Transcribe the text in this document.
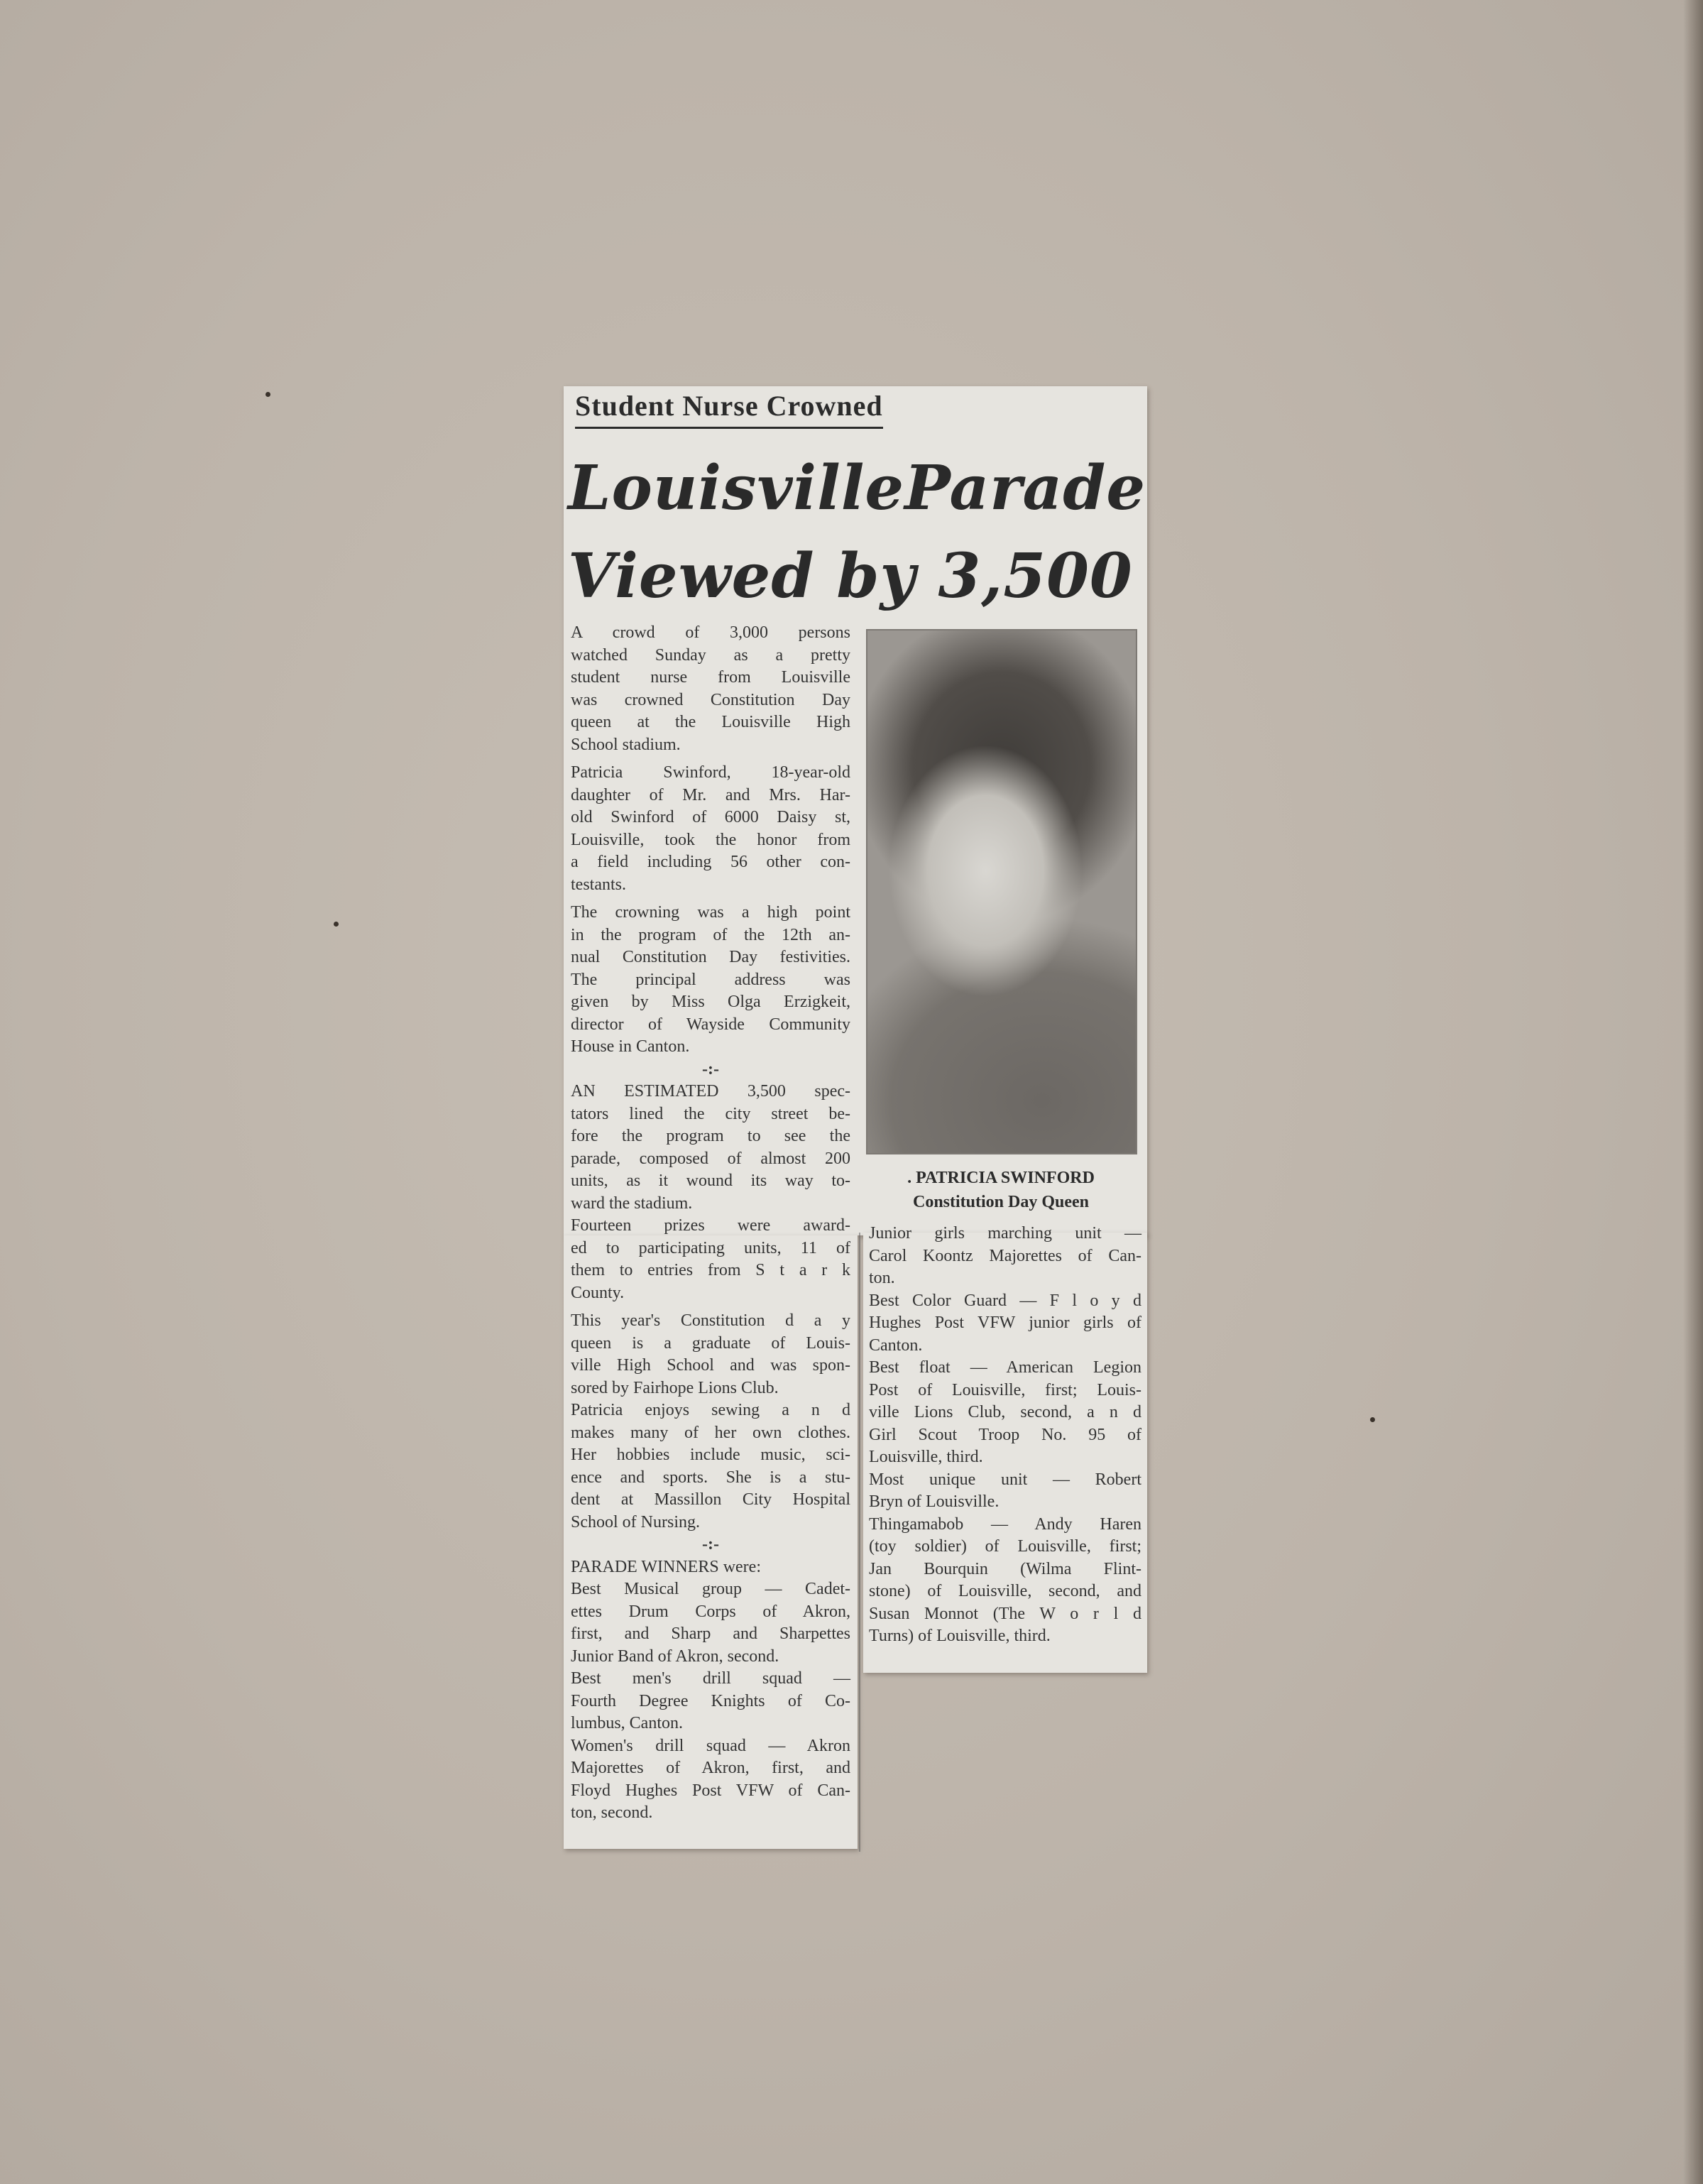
Student Nurse Crowned
LouisvilleParade
Viewed by 3,500
. PATRICIA SWINFORD
Constitution Day Queen
A crowd of 3,000 persons
watched Sunday as a pretty
student nurse from Louisville
was crowned Constitution Day
queen at the Louisville High
School stadium.
Patricia Swinford, 18-year-old
daughter of Mr. and Mrs. Har-
old Swinford of 6000 Daisy st,
Louisville, took the honor from
a field including 56 other con-
testants.
The crowning was a high point
in the program of the 12th an-
nual Constitution Day festivities.
The principal address was
given by Miss Olga Erzigkeit,
director of Wayside Community
House in Canton.
-:-
AN ESTIMATED 3,500 spec-
tators lined the city street be-
fore the program to see the
parade, composed of almost 200
units, as it wound its way to-
ward the stadium.
Fourteen prizes were award-
ed to participating units, 11 of
them to entries from S t a r k
County.
This year's Constitution d a y
queen is a graduate of Louis-
ville High School and was spon-
sored by Fairhope Lions Club.
Patricia enjoys sewing a n d
makes many of her own clothes.
Her hobbies include music, sci-
ence and sports. She is a stu-
dent at Massillon City Hospital
School of Nursing.
-:-
PARADE WINNERS were:
Best Musical group — Cadet-
ettes Drum Corps of Akron,
first, and Sharp and Sharpettes
Junior Band of Akron, second.
Best men's drill squad —
Fourth Degree Knights of Co-
lumbus, Canton.
Women's drill squad — Akron
Majorettes of Akron, first, and
Floyd Hughes Post VFW of Can-
ton, second.
Junior girls marching unit —
Carol Koontz Majorettes of Can-
ton.
Best Color Guard — F l o y d
Hughes Post VFW junior girls of
Canton.
Best float — American Legion
Post of Louisville, first; Louis-
ville Lions Club, second, a n d
Girl Scout Troop No. 95 of
Louisville, third.
Most unique unit — Robert
Bryn of Louisville.
Thingamabob — Andy Haren
(toy soldier) of Louisville, first;
Jan Bourquin (Wilma Flint-
stone) of Louisville, second, and
Susan Monnot (The W o r l d
Turns) of Louisville, third.
